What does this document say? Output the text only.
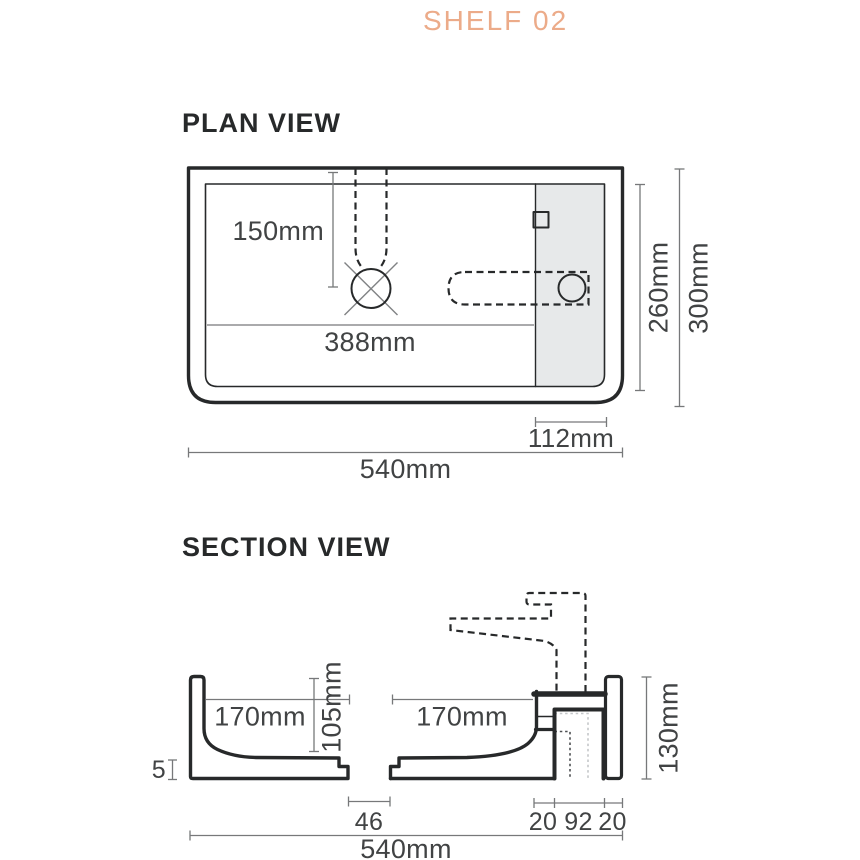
SHELF 02
PLAN VIEW
SECTION VIEW
150mm
388mm
260mm 300mm
112mm
540mm
170mm 105mm	170mm	130mm
5
46	20 92 20
540mm
